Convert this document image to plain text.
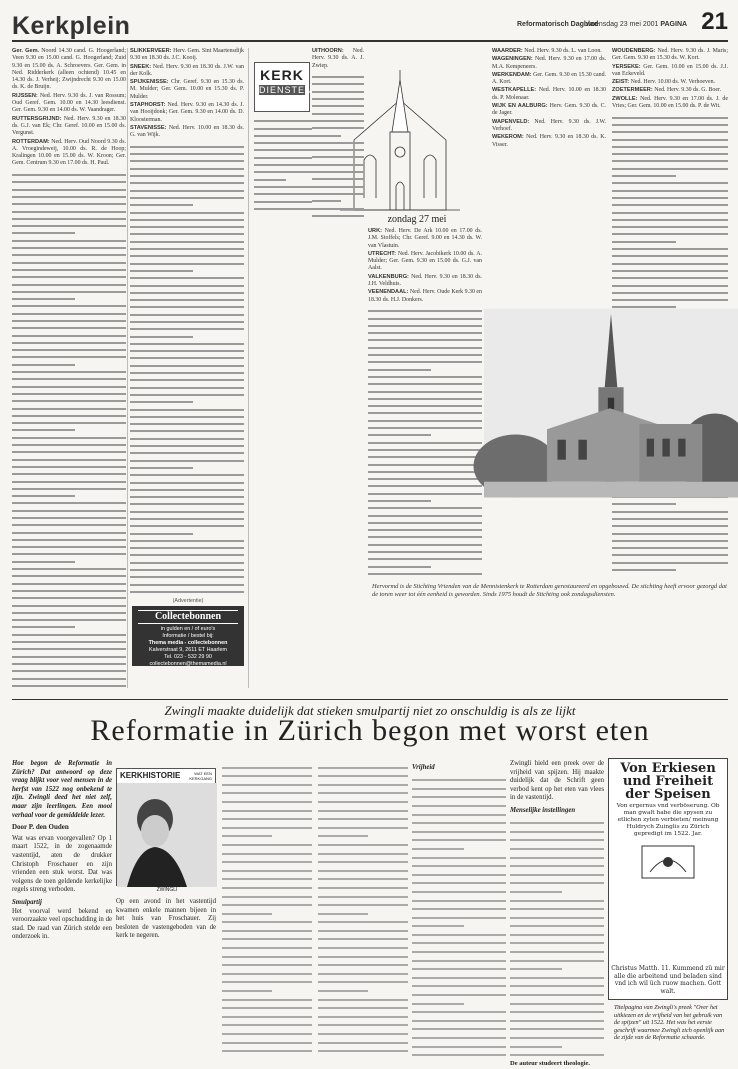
Kerkplein	Reformatorisch Dagblad
woensdag 23 mei 2001 PAGINA 21

Ger. Gem. Noord 14.30 cand. G. Hoogerland; Veen 9.30 en 15.00 cand. G. Hoogerland; Zuid 9.30 en 15.00 ds. A. Schroevers. Ger. Gem. in Ned. Ridderkerk (alleen ochtend) 10.45 en 14.30 ds. J. Verheij; Zwijndrecht 9.30 en 15.00 ds. K. de Bruijn.

RIJSSEN: Ned. Herv. 9.30 ds. J. van Rossum; Oud Geref. Gem. 10.00 en 14.30 leesdienst. Ger. Gem. 9.30 en 14.00 ds. W. Vaandrager.

RUTTERSGRIJND: Ned. Herv. 9.30 en 18.30 ds. G.J. van Ek; Chr. Geref. 10.00 en 15.00 ds. Vergunst.

ROTTERDAM: Ned. Herv. Oud Noord 9.30 ds. A. Vroegindeweij, 10.00 ds. R. de Hoop; Kralingen 10.00 en 15.00 ds. W. Kroon; Ger. Gem. Centrum 9.30 en 17.00 ds. H. Paul.

SLIKKERVEER: Herv. Gem. Sint Maartensdijk 9.30 en 18.30 ds. J.C. Kooij.

SNEEK: Ned. Herv. 9.30 en 18.30 ds. J.W. van der Kolk.

SPIJKENISSE: Chr. Geref. 9.30 en 15.30 ds. M. Mulder; Ger. Gem. 10.00 en 15.30 ds. P. Mulder.

STAPHORST: Ned. Herv. 9.30 en 14.30 ds. J. van Hooijdonk; Ger. Gem. 9.30 en 14.00 ds. D. Kloosterman.

STAVENISSE: Ned. Herv. 10.00 en 18.30 ds. G. van Wijk.

(Advertentie)
Collectebonnen
in gulden en / of euro's
Informatie / bestel bij:
Thema media - collectebonnen
Kalverstraat 9, 2611 ET Haarlem
Tel. 023 - 532 29 90
collectebonnen@themamedia.nl
KERK
DIENSTEN
zondag 27 mei

UITHOORN: Ned. Herv. 9.30 ds. A. J. Zwiep.

WAARDER: Ned. Herv. 9.30 ds. L. van Loon.

WAGENINGEN: Ned. Herv. 9.30 en 17.00 ds. M.A. Kempeneers.

WERKENDAM: Ger. Gem. 9.30 en 15.30 cand. A. Kort.

WESTKAPELLE: Ned. Herv. 10.00 en 18.30 ds. P. Molenaar.

WIJK EN AALBURG: Herv. Gem. 9.30 ds. C. de Jager.

WAPENVELD: Ned. Herv. 9.30 ds. J.W. Verhoef.

WEKEROM: Ned. Herv. 9.30 en 18.30 ds. K. Visser.

WOUDENBERG: Ned. Herv. 9.30 ds. J. Maris; Ger. Gem. 9.30 en 15.30 ds. W. Kort.

YERSEKE: Ger. Gem. 10.00 en 15.00 ds. J.J. van Eckeveld.

ZEIST: Ned. Herv. 10.00 ds. W. Verhoeven.

ZOETERMEER: Ned. Herv. 9.30 ds. G. Boer.

ZWOLLE: Ned. Herv. 9.30 en 17.00 ds. J. de Vries; Ger. Gem. 10.00 en 15.00 ds. P. de Wit.

URK: Ned. Herv. De Ark 10.00 en 17.00 ds. J.M. Stoffels; Chr. Geref. 9.00 en 14.30 ds. W. van Vlastuin.

UTRECHT: Ned. Herv. Jacobikerk 10.00 ds. A. Mulder; Ger. Gem. 9.30 en 15.00 ds. G.J. van Aalst.

VALKENBURG: Ned. Herv. 9.30 en 18.30 ds. J.H. Veldhuis.

VEENENDAAL: Ned. Herv. Oude Kerk 9.30 en 18.30 ds. H.J. Donkers.

Hervormd is de Stichting Vrienden van de Mennistenkerk te Rotterdam gerestaureerd en opgebouwd. De stichting heeft ervoor gezorgd dat de toren weer tot één eenheid is geworden. Sinds 1975 houdt de Stichting ook zondagsdiensten.
Zwingli maakte duidelijk dat stieken smulpartij niet zo onschuldig is als ze lijkt
Reformatie in Zürich begon met worst eten

Hoe begon de Reformatie in Zürich? Dat antwoord op deze vraag blijkt voor veel mensen in de herfst van 1522 nog onbekend te zijn. Zwingli deed het niet zelf, maar zijn leerlingen. Een mooi verhaal voor de gemiddelde lezer.

Door P. den Ouden

Wat was ervan voorgevallen? Op 1 maart 1522, in de zogenaamde vastentijd, aten de drukker Christoph Froschauer en zijn vrienden een stuk worst. Dat was volgens de toen geldende kerkelijke regels streng verboden.

Smulpartij

Het voorval werd bekend en veroorzaakte veel opschudding in de stad. De raad van Zürich stelde een onderzoek in.

KERKHISTORIE	WAT EEN KERKGANG
ZWINGLI

Op een avond in het vastentijd kwamen enkele mannen bijeen in het huis van Froschauer. Zij besloten de vastengeboden van de kerk te negeren.

Vrijheid

Zwingli hield een preek over de vrijheid van spijzen. Hij maakte duidelijk dat de Schrift geen verbod kent op het eten van vlees in de vastentijd.

Menselijke instellingen

De auteur studeert theologie.

Von Erkiesen und Freiheit der Speisen
Von ergernus vnd verböserung. Ob man gwalt habe die spysen zu etlichen zyten verbieten/ meinung Huldrych Zuinglis zu Zürich gepredigt im 1522. Jar.
Christus Matth. 11. Kummend zü mir alle die arbeitend und beladen sind vnd ich wil üch ruow machen. Gott walt.
Titelpagina van Zwingli's preek "Over het uitkiezen en de vrijheid van het gebruik van de spijzen" uit 1522. Het was het eerste geschrift waarmee Zwingli zich openlijk aan de zijde van de Reformatie schaarde.
